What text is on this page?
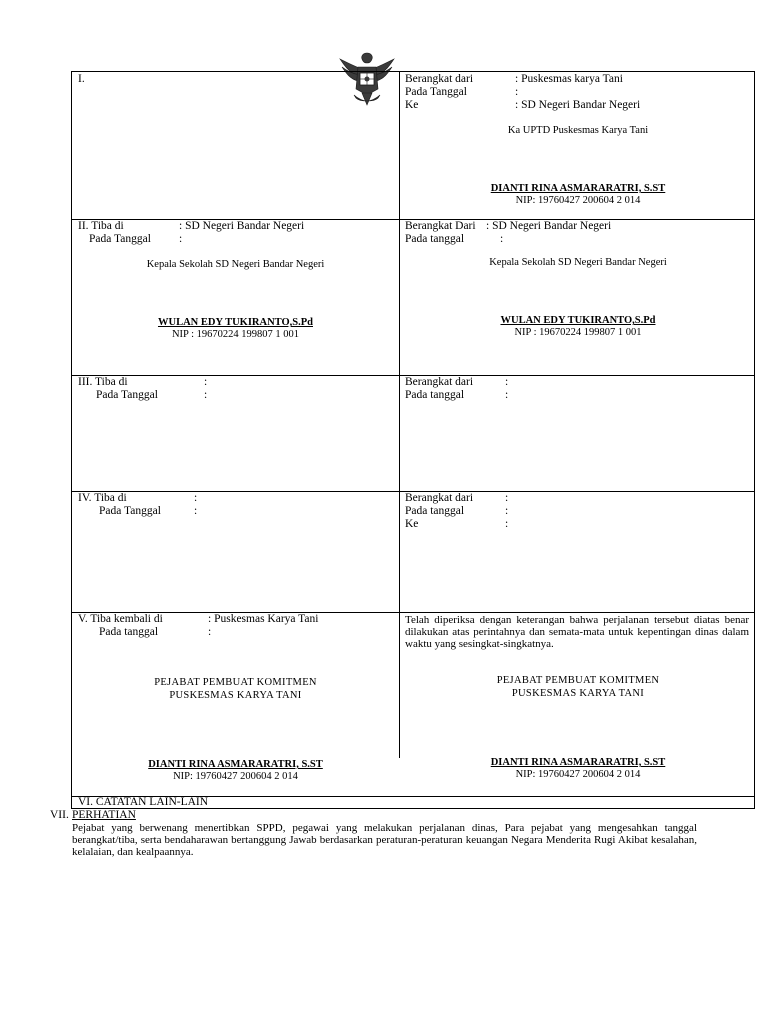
I.	Berangkat dari	: Puskesmas karya Tani
Pada Tanggal	:
Ke	: SD Negeri Bandar Negeri
Ka UPTD Puskesmas Karya Tani
DIANTI RINA ASMARARATRI, S.ST
NIP: 19760427 200604 2 014
II. Tiba di	: SD Negeri Bandar Negeri
Pada Tanggal :
Kepala Sekolah SD Negeri Bandar Negeri
WULAN EDY TUKIRANTO,S.Pd
NIP : 19670224 199807 1 001
Berangkat Dari : SD Negeri Bandar Negeri
Pada tanggal	:
Kepala Sekolah SD Negeri Bandar Negeri
WULAN EDY TUKIRANTO,S.Pd
NIP : 19670224 199807 1 001
III. Tiba di	:
Pada Tanggal	:
Berangkat dari	:
Pada tanggal	:
IV. Tiba di	:
Pada Tanggal	:
Berangkat dari	:
Pada tanggal	:
Ke	:
V. Tiba kembali di	: Puskesmas Karya Tani
Pada tanggal	:
PEJABAT PEMBUAT KOMITMEN
PUSKESMAS KARYA TANI
DIANTI RINA ASMARARATRI, S.ST
NIP: 19760427 200604 2 014
Telah diperiksa dengan keterangan bahwa perjalanan tersebut diatas benar dilakukan atas perintahnya dan semata-mata untuk kepentingan dinas dalam waktu yang sesingkat-singkatnya.
PEJABAT PEMBUAT KOMITMEN
PUSKESMAS KARYA TANI
DIANTI RINA ASMARARATRI, S.ST
NIP: 19760427 200604 2 014
VI. CATATAN LAIN-LAIN
VII. PERHATIAN
Pejabat yang berwenang menertibkan SPPD, pegawai yang melakukan perjalanan dinas, Para pejabat yang mengesahkan tanggal berangkat/tiba, serta bendaharawan bertanggung Jawab berdasarkan peraturan-peraturan keuangan Negara Menderita Rugi Akibat kesalahan, kelalaian, dan kealpaannya.
